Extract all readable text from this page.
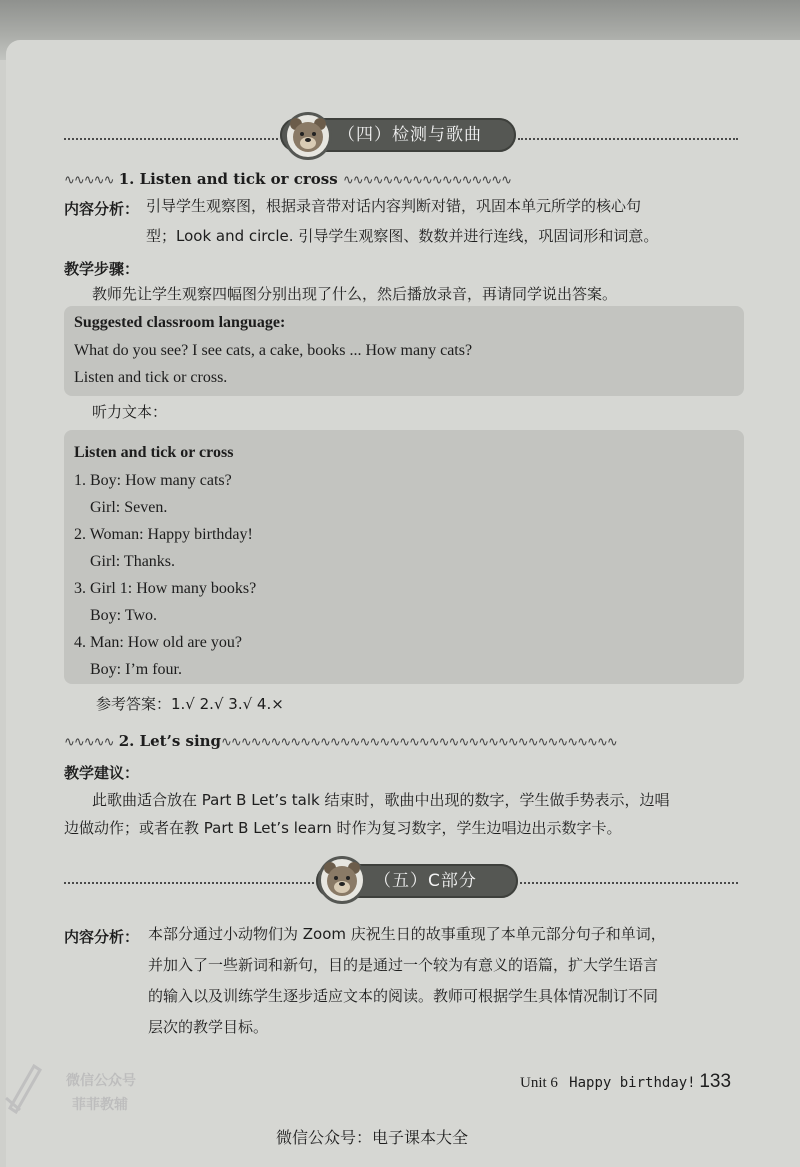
（四）检测与歌曲
∿∿∿∿∿ 1. Listen and tick or cross ∿∿∿∿∿∿∿∿∿∿∿∿∿∿∿∿∿
内容分析： 引导学生观察图，根据录音带对话内容判断对错，巩固本单元所学的核心句
型；Look and circle. 引导学生观察图、数数并进行连线，巩固词形和词意。
教学步骤：
教师先让学生观察四幅图分别出现了什么，然后播放录音，再请同学说出答案。
Suggested classroom language:
What do you see? I see cats, a cake, books ... How many cats?
Listen and tick or cross.
听力文本：
Listen and tick or cross
1. Boy: How many cats?
Girl: Seven.
2. Woman: Happy birthday!
Girl: Thanks.
3. Girl 1: How many books?
Boy: Two.
4. Man: How old are you?
Boy: I’m four.
参考答案：1.√ 2.√ 3.√ 4.×
∿∿∿∿∿ 2. Let’s sing∿∿∿∿∿∿∿∿∿∿∿∿∿∿∿∿∿∿∿∿∿∿∿∿∿∿∿∿∿∿∿∿∿∿∿∿∿∿∿∿
教学建议：
此歌曲适合放在 Part B Let’s talk 结束时，歌曲中出现的数字，学生做手势表示，边唱
边做动作；或者在教 Part B Let’s learn 时作为复习数字，学生边唱边出示数字卡。
（五）C部分
内容分析： 本部分通过小动物们为 Zoom 庆祝生日的故事重现了本单元部分句子和单词，
并加入了一些新词和新句，目的是通过一个较为有意义的语篇，扩大学生语言
的输入以及训练学生逐步适应文本的阅读。教师可根据学生具体情况制订不同
层次的教学目标。
微信公众号
菲菲教辅
Unit 6 Happy birthday! 133
微信公众号：电子课本大全
